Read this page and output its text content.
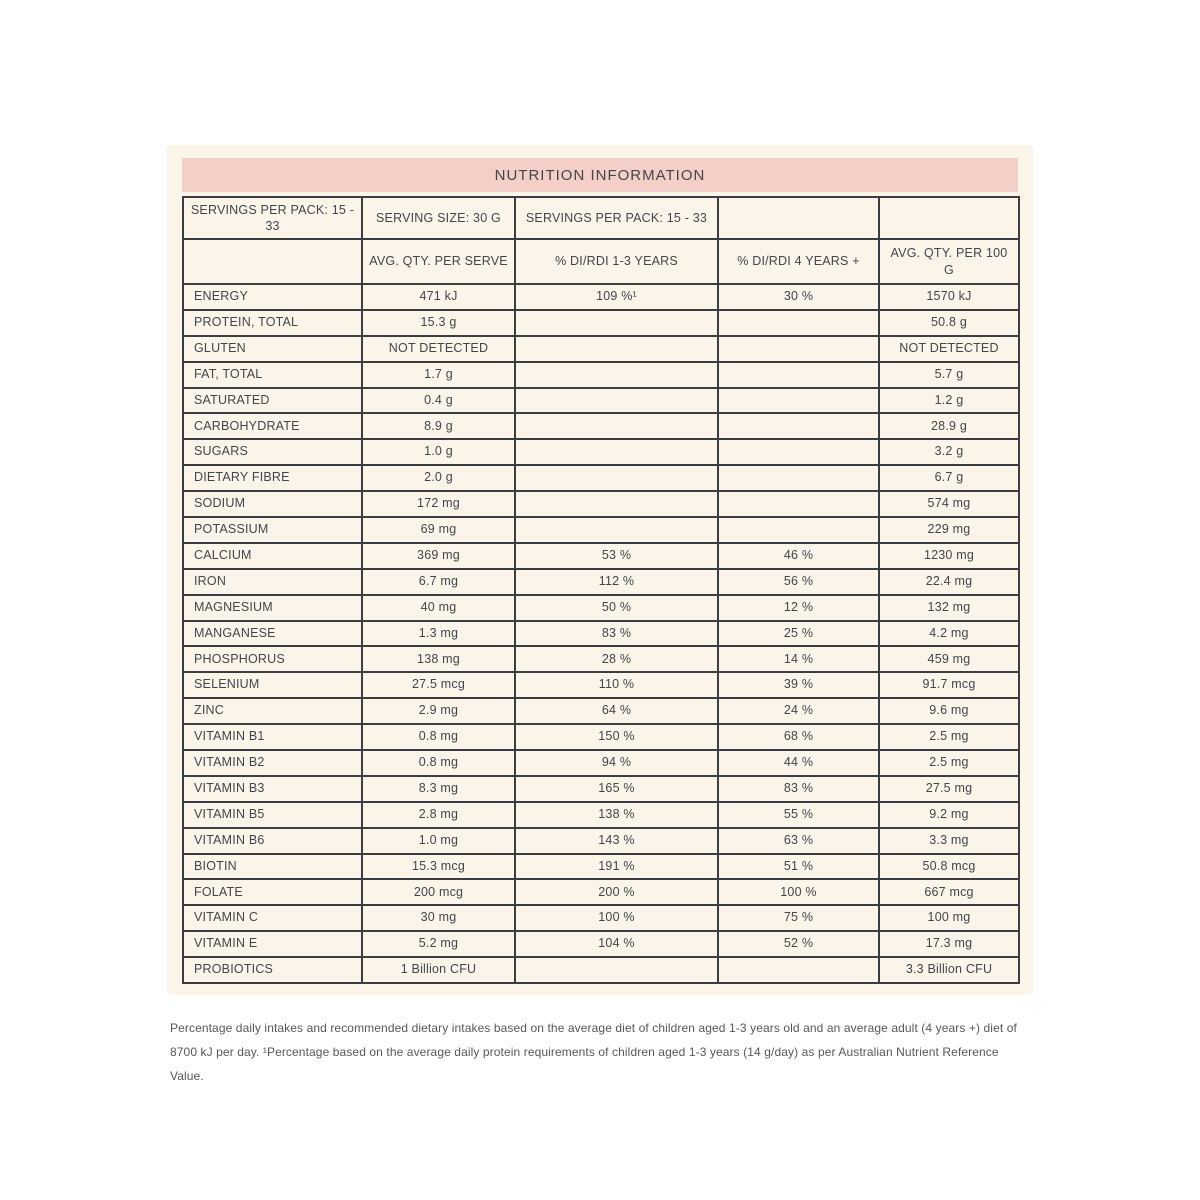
NUTRITION INFORMATION
SERVINGS PER PACK: 15 - 33	SERVING SIZE: 30 G	SERVINGS PER PACK: 15 - 33		
	AVG. QTY. PER SERVE	% DI/RDI 1-3 YEARS	% DI/RDI 4 YEARS +	AVG. QTY. PER 100 G
ENERGY	471 kJ	109 %¹	30 %	1570 kJ
PROTEIN, TOTAL	15.3 g			50.8 g
GLUTEN	NOT DETECTED			NOT DETECTED
FAT, TOTAL	1.7 g			5.7 g
SATURATED	0.4 g			1.2 g
CARBOHYDRATE	8.9 g			28.9 g
SUGARS	1.0 g			3.2 g
DIETARY FIBRE	2.0 g			6.7 g
SODIUM	172 mg			574 mg
POTASSIUM	69 mg			229 mg
CALCIUM	369 mg	53 %	46 %	1230 mg
IRON	6.7 mg	112 %	56 %	22.4 mg
MAGNESIUM	40 mg	50 %	12 %	132 mg
MANGANESE	1.3 mg	83 %	25 %	4.2 mg
PHOSPHORUS	138 mg	28 %	14 %	459 mg
SELENIUM	27.5 mcg	110 %	39 %	91.7 mcg
ZINC	2.9 mg	64 %	24 %	9.6 mg
VITAMIN B1	0.8 mg	150 %	68 %	2.5 mg
VITAMIN B2	0.8 mg	94 %	44 %	2.5 mg
VITAMIN B3	8.3 mg	165 %	83 %	27.5 mg
VITAMIN B5	2.8 mg	138 %	55 %	9.2 mg
VITAMIN B6	1.0 mg	143 %	63 %	3.3 mg
BIOTIN	15.3 mcg	191 %	51 %	50.8 mcg
FOLATE	200 mcg	200 %	100 %	667 mcg
VITAMIN C	30 mg	100 %	75 %	100 mg
VITAMIN E	5.2 mg	104 %	52 %	17.3 mg
PROBIOTICS	1 Billion CFU			3.3 Billion CFU
Percentage daily intakes and recommended dietary intakes based on the average diet of children aged 1-3 years old and an average adult (4 years +) diet of 8700 kJ per day. ¹Percentage based on the average daily protein requirements of children aged 1-3 years (14 g/day) as per Australian Nutrient Reference Value.
